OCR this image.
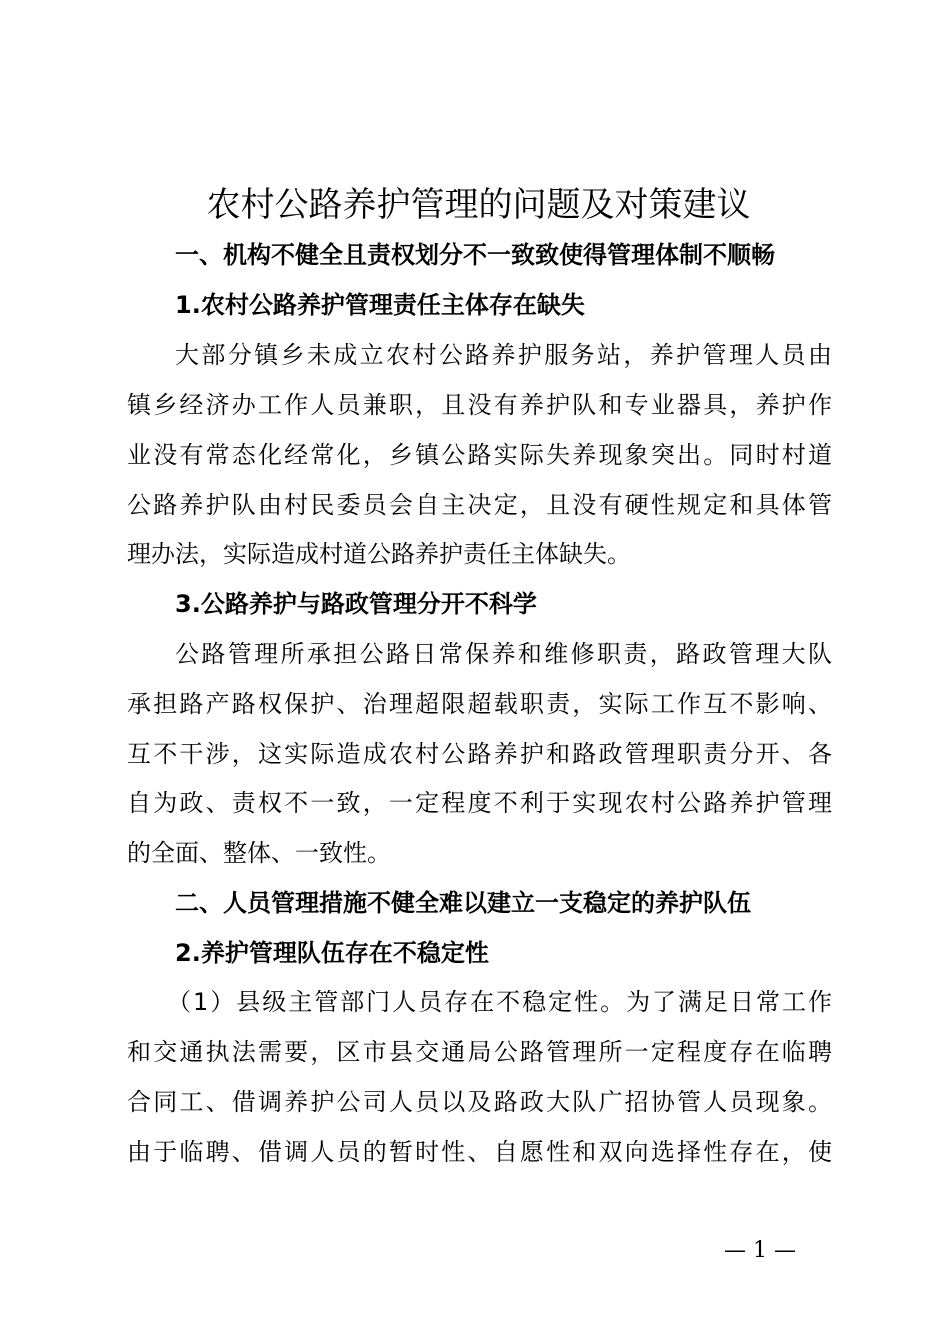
农村公路养护管理的问题及对策建议
一、机构不健全且责权划分不一致致使得管理体制不顺畅
1.农村公路养护管理责任主体存在缺失
大部分镇乡未成立农村公路养护服务站，养护管理人员由
镇乡经济办工作人员兼职，且没有养护队和专业器具，养护作
业没有常态化经常化，乡镇公路实际失养现象突出。同时村道
公路养护队由村民委员会自主决定，且没有硬性规定和具体管
理办法，实际造成村道公路养护责任主体缺失。
3.公路养护与路政管理分开不科学
公路管理所承担公路日常保养和维修职责，路政管理大队
承担路产路权保护、治理超限超载职责，实际工作互不影响、
互不干涉，这实际造成农村公路养护和路政管理职责分开、各
自为政、责权不一致，一定程度不利于实现农村公路养护管理
的全面、整体、一致性。
二、人员管理措施不健全难以建立一支稳定的养护队伍
2.养护管理队伍存在不稳定性
（1）县级主管部门人员存在不稳定性。为了满足日常工作
和交通执法需要，区市县交通局公路管理所一定程度存在临聘
合同工、借调养护公司人员以及路政大队广招协管人员现象。
由于临聘、借调人员的暂时性、自愿性和双向选择性存在，使
— 1 —
